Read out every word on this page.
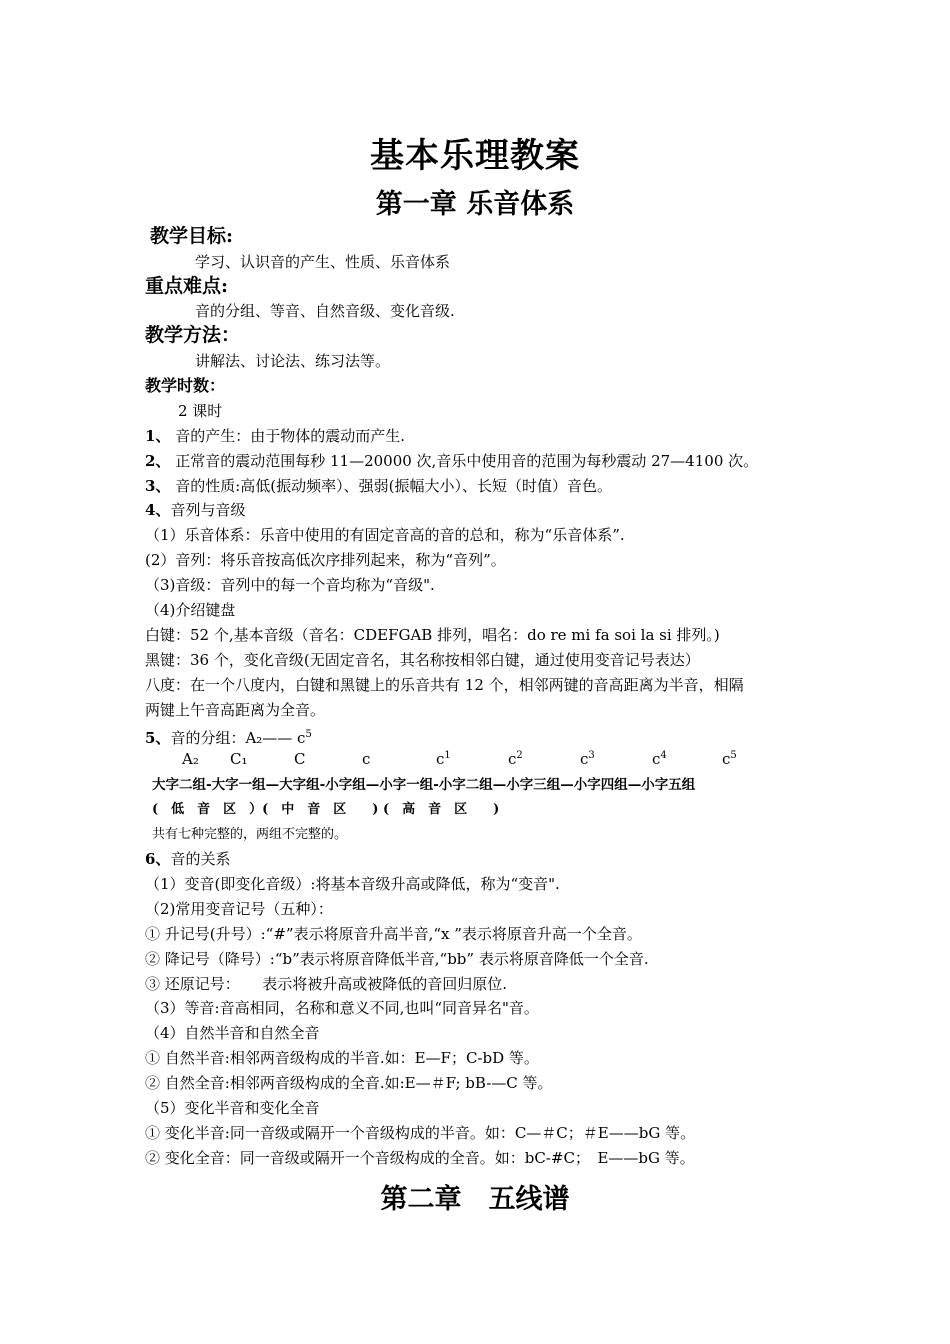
基本乐理教案
第一章 乐音体系
教学目标:
学习、认识音的产生、性质、乐音体系
重点难点:
音的分组、等音、自然音级、变化音级.
教学方法：
讲解法、讨论法、练习法等。
教学时数：
2 课时
1、 音的产生：由于物体的震动而产生.
2、 正常音的震动范围每秒 11—20000 次,音乐中使用音的范围为每秒震动 27—4100 次。
3、 音的性质:高低(振动频率）、强弱(振幅大小）、长短（时值）音色。
4、音列与音级
（1）乐音体系：乐音中使用的有固定音高的音的总和，称为“乐音体系”.
(2）音列：将乐音按高低次序排列起来，称为“音列”。
（3)音级：音列中的每一个音均称为“音级".
（4)介绍键盘
白键：52 个,基本音级（音名：CDEFGAB 排列，唱名：do re mi fa soi la si 排列。)
黑键：36 个，变化音级(无固定音名，其名称按相邻白键，通过使用变音记号表达）
八度：在一个八度内，白键和黑键上的乐音共有 12 个，相邻两键的音高距离为半音，相隔
两键上午音高距离为全音。
5、音的分组：A₂—— $c^5$
A₂ C₁	C	c	$c^1$	$c^2$	$c^3$	$c^4$	$c^5$
大字二组-大字一组—大字组-小字组—小字一组-小字二组—小字三组—小字四组—小字五组
(　低　音　区　）(　中　音　区　　) (　高　音　区　　)
共有七种完整的，两组不完整的。
6、音的关系
（1）变音(即变化音级）:将基本音级升高或降低，称为“变音".
（2)常用变音记号（五种）：
① 升记号(升号）:“#”表示将原音升高半音,“x ”表示将原音升高一个全音。
② 降记号（降号）:“b”表示将原音降低半音,“bb” 表示将原音降低一个全音.
③ 还原记号：　　表示将被升高或被降低的音回归原位.
（3）等音:音高相同，名称和意义不同,也叫“同音异名"音。
（4）自然半音和自然全音
① 自然半音:相邻两音级构成的半音.如：E—F；C-bD 等。
② 自然全音:相邻两音级构成的全音.如:E—＃F; bB-—C 等。
（5）变化半音和变化全音
① 变化半音:同一音级或隔开一个音级构成的半音。如：C—＃C；＃E——bG 等。
② 变化全音：同一音级或隔开一个音级构成的全音。如：bC-#C；　E——bG 等。
第二章　五线谱
